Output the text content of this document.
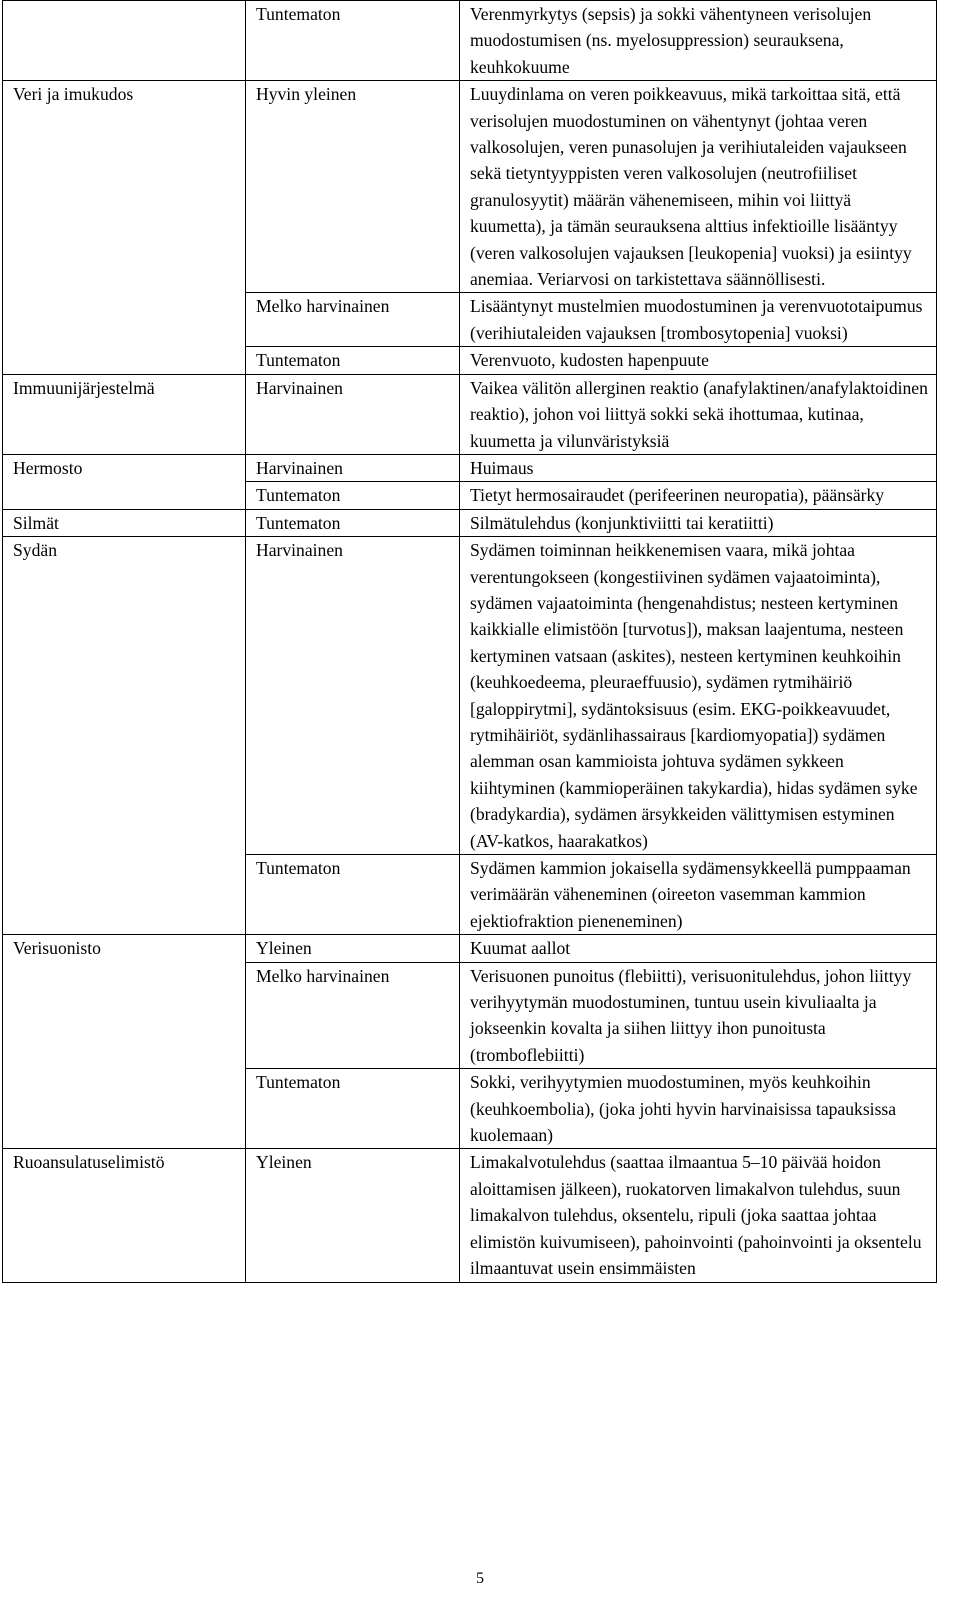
	Tuntematon	Verenmyrkytys (sepsis) ja sokki vähentyneen verisolujen muodostumisen (ns. myelosuppression) seurauksena, keuhkokuume
Veri ja imukudos	Hyvin yleinen	Luuydinlama on veren poikkeavuus, mikä tarkoittaa sitä, että verisolujen muodostuminen on vähentynyt (johtaa veren valkosolujen, veren punasolujen ja verihiutaleiden vajaukseen sekä tietyntyyppisten veren valkosolujen (neutrofiiliset granulosyytit) määrän vähenemiseen, mihin voi liittyä kuumetta), ja tämän seurauksena alttius infektioille lisääntyy (veren valkosolujen vajauksen [leukopenia] vuoksi) ja esiintyy anemiaa. Veriarvosi on tarkistettava säännöllisesti.
	Melko harvinainen	Lisääntynyt mustelmien muodostuminen ja verenvuototaipumus (verihiutaleiden vajauksen [trombosytopenia] vuoksi)
	Tuntematon	Verenvuoto, kudosten hapenpuute
Immuunijärjestelmä	Harvinainen	Vaikea välitön allerginen reaktio (anafylaktinen/anafylaktoidinen reaktio), johon voi liittyä sokki sekä ihottumaa, kutinaa, kuumetta ja vilunväristyksiä
Hermosto	Harvinainen	Huimaus
	Tuntematon	Tietyt hermosairaudet (perifeerinen neuropatia), päänsärky
Silmät	Tuntematon	Silmätulehdus (konjunktiviitti tai keratiitti)
Sydän	Harvinainen	Sydämen toiminnan heikkenemisen vaara, mikä johtaa verentungokseen (kongestiivinen sydämen vajaatoiminta), sydämen vajaatoiminta (hengenahdistus; nesteen kertyminen kaikkialle elimistöön [turvotus]), maksan laajentuma, nesteen kertyminen vatsaan (askites), nesteen kertyminen keuhkoihin (keuhkoedeema, pleuraeffuusio), sydämen rytmihäiriö [galoppirytmi], sydäntoksisuus (esim. EKG-poikkeavuudet, rytmihäiriöt, sydänlihassairaus [kardiomyopatia]) sydämen alemman osan kammioista johtuva sydämen sykkeen kiihtyminen (kammioperäinen takykardia), hidas sydämen syke (bradykardia), sydämen ärsykkeiden välittymisen estyminen (AV-katkos, haarakatkos)
	Tuntematon	Sydämen kammion jokaisella sydämensykkeellä pumppaaman verimäärän väheneminen (oireeton vasemman kammion ejektiofraktion pieneneminen)
Verisuonisto	Yleinen	Kuumat aallot
	Melko harvinainen	Verisuonen punoitus (flebiitti), verisuonitulehdus, johon liittyy verihyytymän muodostuminen, tuntuu usein kivuliaalta ja jokseenkin kovalta ja siihen liittyy ihon punoitusta (tromboflebiitti)
	Tuntematon	Sokki, verihyytymien muodostuminen, myös keuhkoihin (keuhkoembolia), (joka johti hyvin harvinaisissa tapauksissa kuolemaan)
Ruoansulatuselimistö	Yleinen	Limakalvotulehdus (saattaa ilmaantua 5–10 päivää hoidon aloittamisen jälkeen), ruokatorven limakalvon tulehdus, suun limakalvon tulehdus, oksentelu, ripuli (joka saattaa johtaa elimistön kuivumiseen), pahoinvointi (pahoinvointi ja oksentelu ilmaantuvat usein ensimmäisten
5
